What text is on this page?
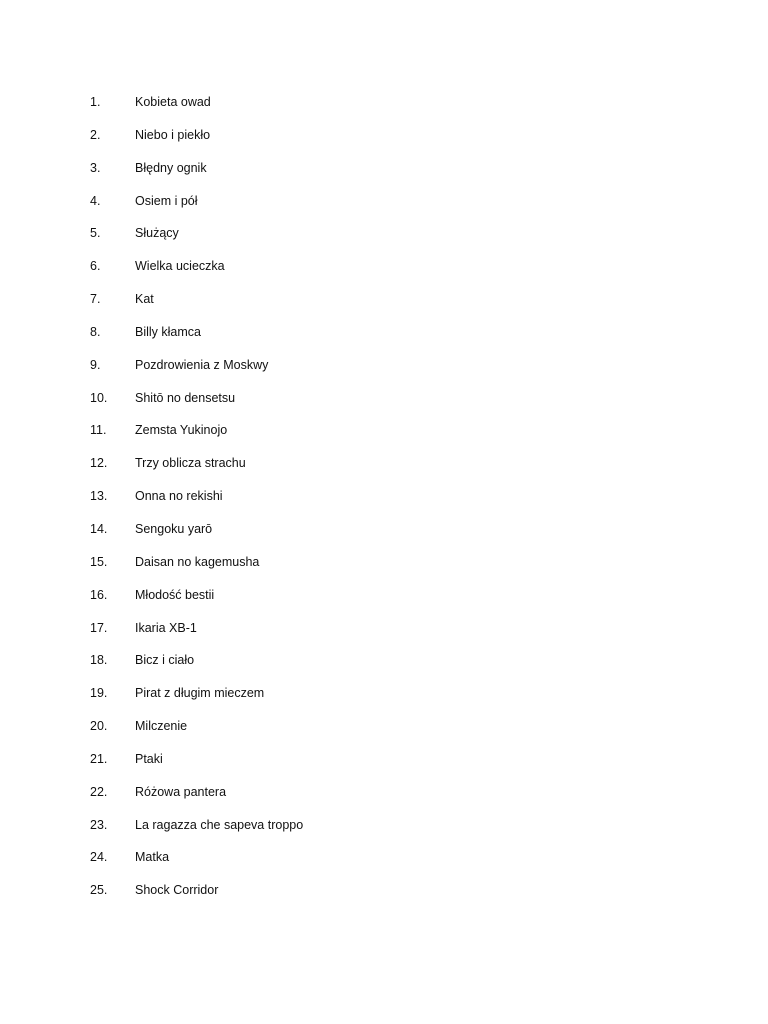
1.	Kobieta owad
2.	Niebo i piekło
3.	Błędny ognik
4.	Osiem i pół
5.	Służący
6.	Wielka ucieczka
7.	Kat
8.	Billy kłamca
9.	Pozdrowienia z Moskwy
10.	Shitō no densetsu
11.	Zemsta Yukinojo
12.	Trzy oblicza strachu
13.	Onna no rekishi
14.	Sengoku yarō
15.	Daisan no kagemusha
16.	Młodość bestii
17.	Ikaria XB-1
18.	Bicz i ciało
19.	Pirat z długim mieczem
20.	Milczenie
21.	Ptaki
22.	Różowa pantera
23.	La ragazza che sapeva troppo
24.	Matka
25.	Shock Corridor
